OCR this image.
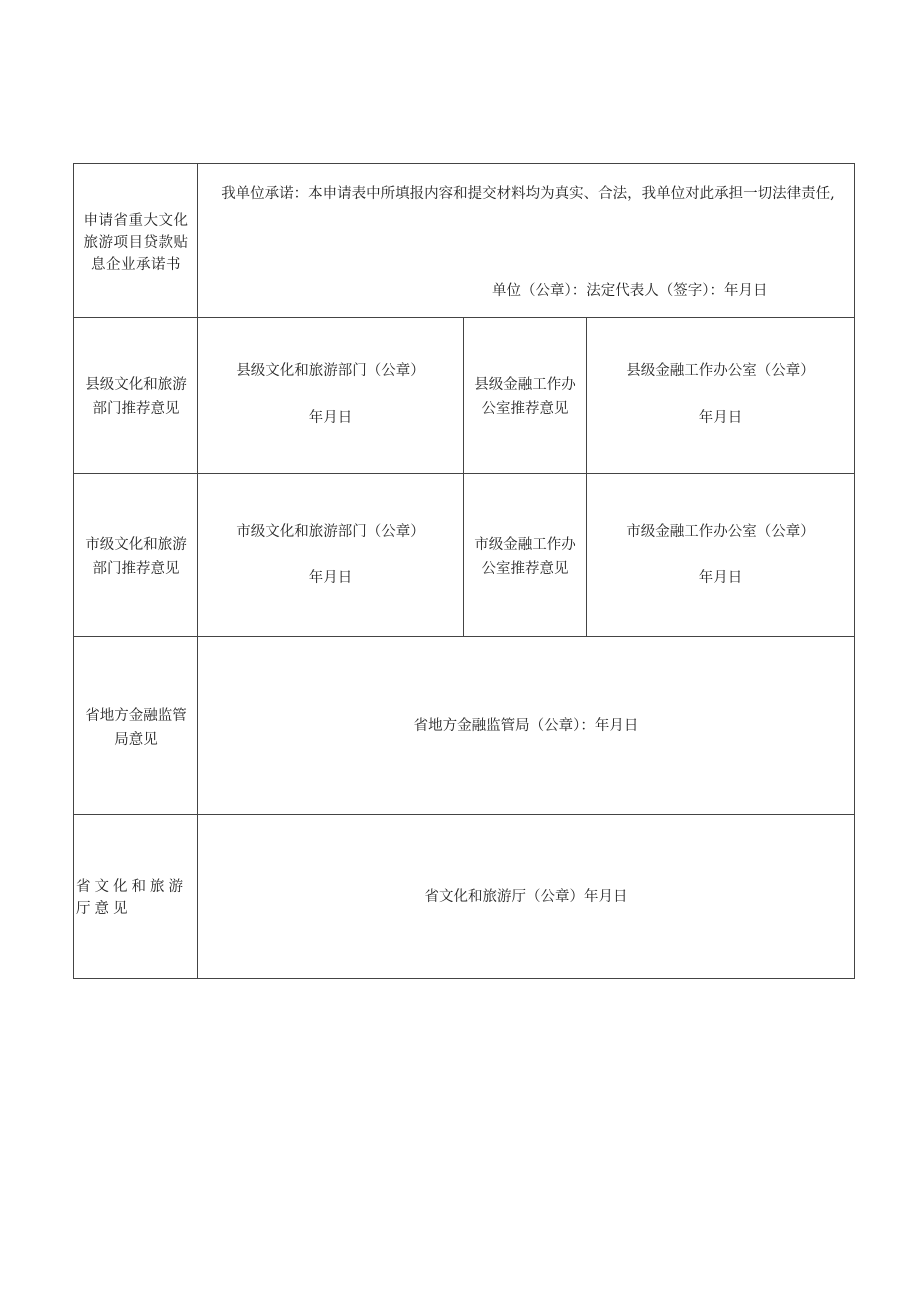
申请省重大文化旅游项目贷款贴息企业承诺书
我单位承诺：本申请表中所填报内容和提交材料均为真实、合法，我单位对此承担一切法律责任,
单位（公章）：法定代表人（签字）：年月日
县级文化和旅游部门推荐意见
县级文化和旅游部门（公章）
年月日
县级金融工作办公室推荐意见
县级金融工作办公室（公章）
年月日
市级文化和旅游部门推荐意见
市级文化和旅游部门（公章）
年月日
市级金融工作办公室推荐意见
市级金融工作办公室（公章）
年月日
省地方金融监管局意见
省地方金融监管局（公章）：年月日
省文化和旅游厅意见
省文化和旅游厅（公章）年月日
